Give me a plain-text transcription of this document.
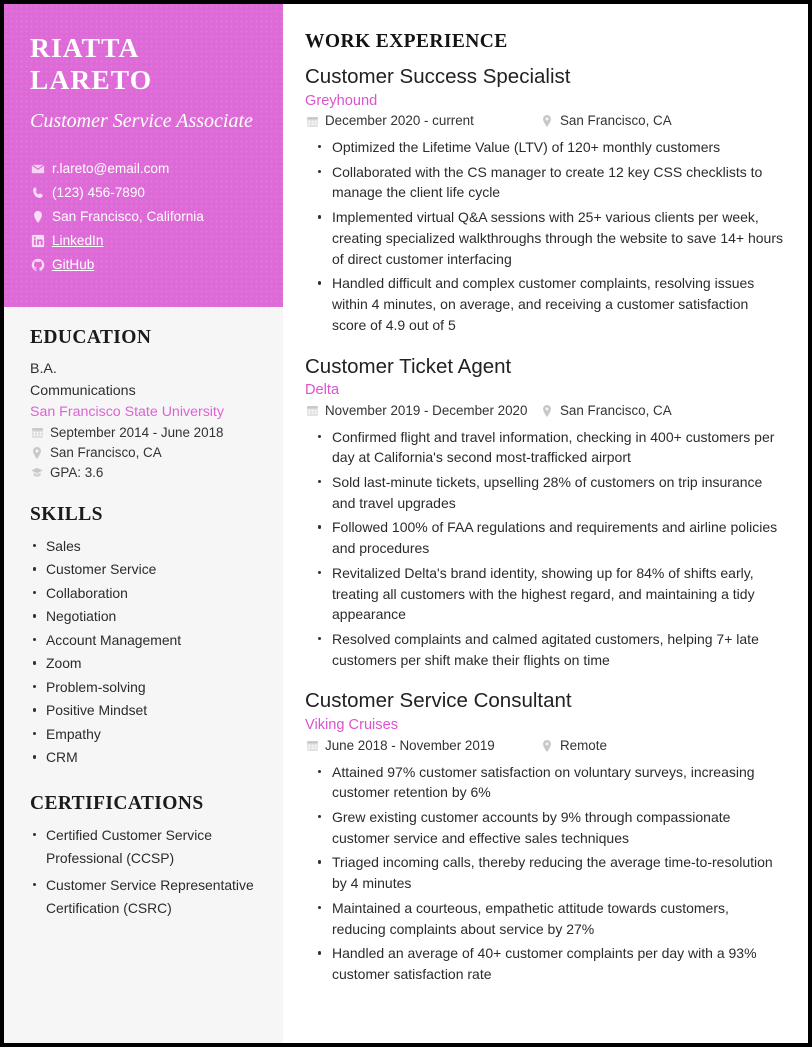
RIATTA LARETO
Customer Service Associate
r.lareto@email.com
(123) 456-7890
San Francisco, California
LinkedIn
GitHub
EDUCATION
B.A.
Communications
San Francisco State University
September 2014 - June 2018
San Francisco, CA
GPA: 3.6
SKILLS
Sales
Customer Service
Collaboration
Negotiation
Account Management
Zoom
Problem-solving
Positive Mindset
Empathy
CRM
CERTIFICATIONS
Certified Customer Service Professional (CCSP)
Customer Service Representative Certification (CSRC)
WORK EXPERIENCE
Customer Success Specialist
Greyhound
December 2020 - current	San Francisco, CA
Optimized the Lifetime Value (LTV) of 120+ monthly customers
Collaborated with the CS manager to create 12 key CSS checklists to manage the client life cycle
Implemented virtual Q&A sessions with 25+ various clients per week, creating specialized walkthroughs through the website to save 14+ hours of direct customer interfacing
Handled difficult and complex customer complaints, resolving issues within 4 minutes, on average, and receiving a customer satisfaction score of 4.9 out of 5
Customer Ticket Agent
Delta
November 2019 - December 2020 San Francisco, CA
Confirmed flight and travel information, checking in 400+ customers per day at California's second most-trafficked airport
Sold last-minute tickets, upselling 28% of customers on trip insurance and travel upgrades
Followed 100% of FAA regulations and requirements and airline policies and procedures
Revitalized Delta's brand identity, showing up for 84% of shifts early, treating all customers with the highest regard, and maintaining a tidy appearance
Resolved complaints and calmed agitated customers, helping 7+ late customers per shift make their flights on time
Customer Service Consultant
Viking Cruises
June 2018 - November 2019	Remote
Attained 97% customer satisfaction on voluntary surveys, increasing customer retention by 6%
Grew existing customer accounts by 9% through compassionate customer service and effective sales techniques
Triaged incoming calls, thereby reducing the average time-to-resolution by 4 minutes
Maintained a courteous, empathetic attitude towards customers, reducing complaints about service by 27%
Handled an average of 40+ customer complaints per day with a 93% customer satisfaction rate
